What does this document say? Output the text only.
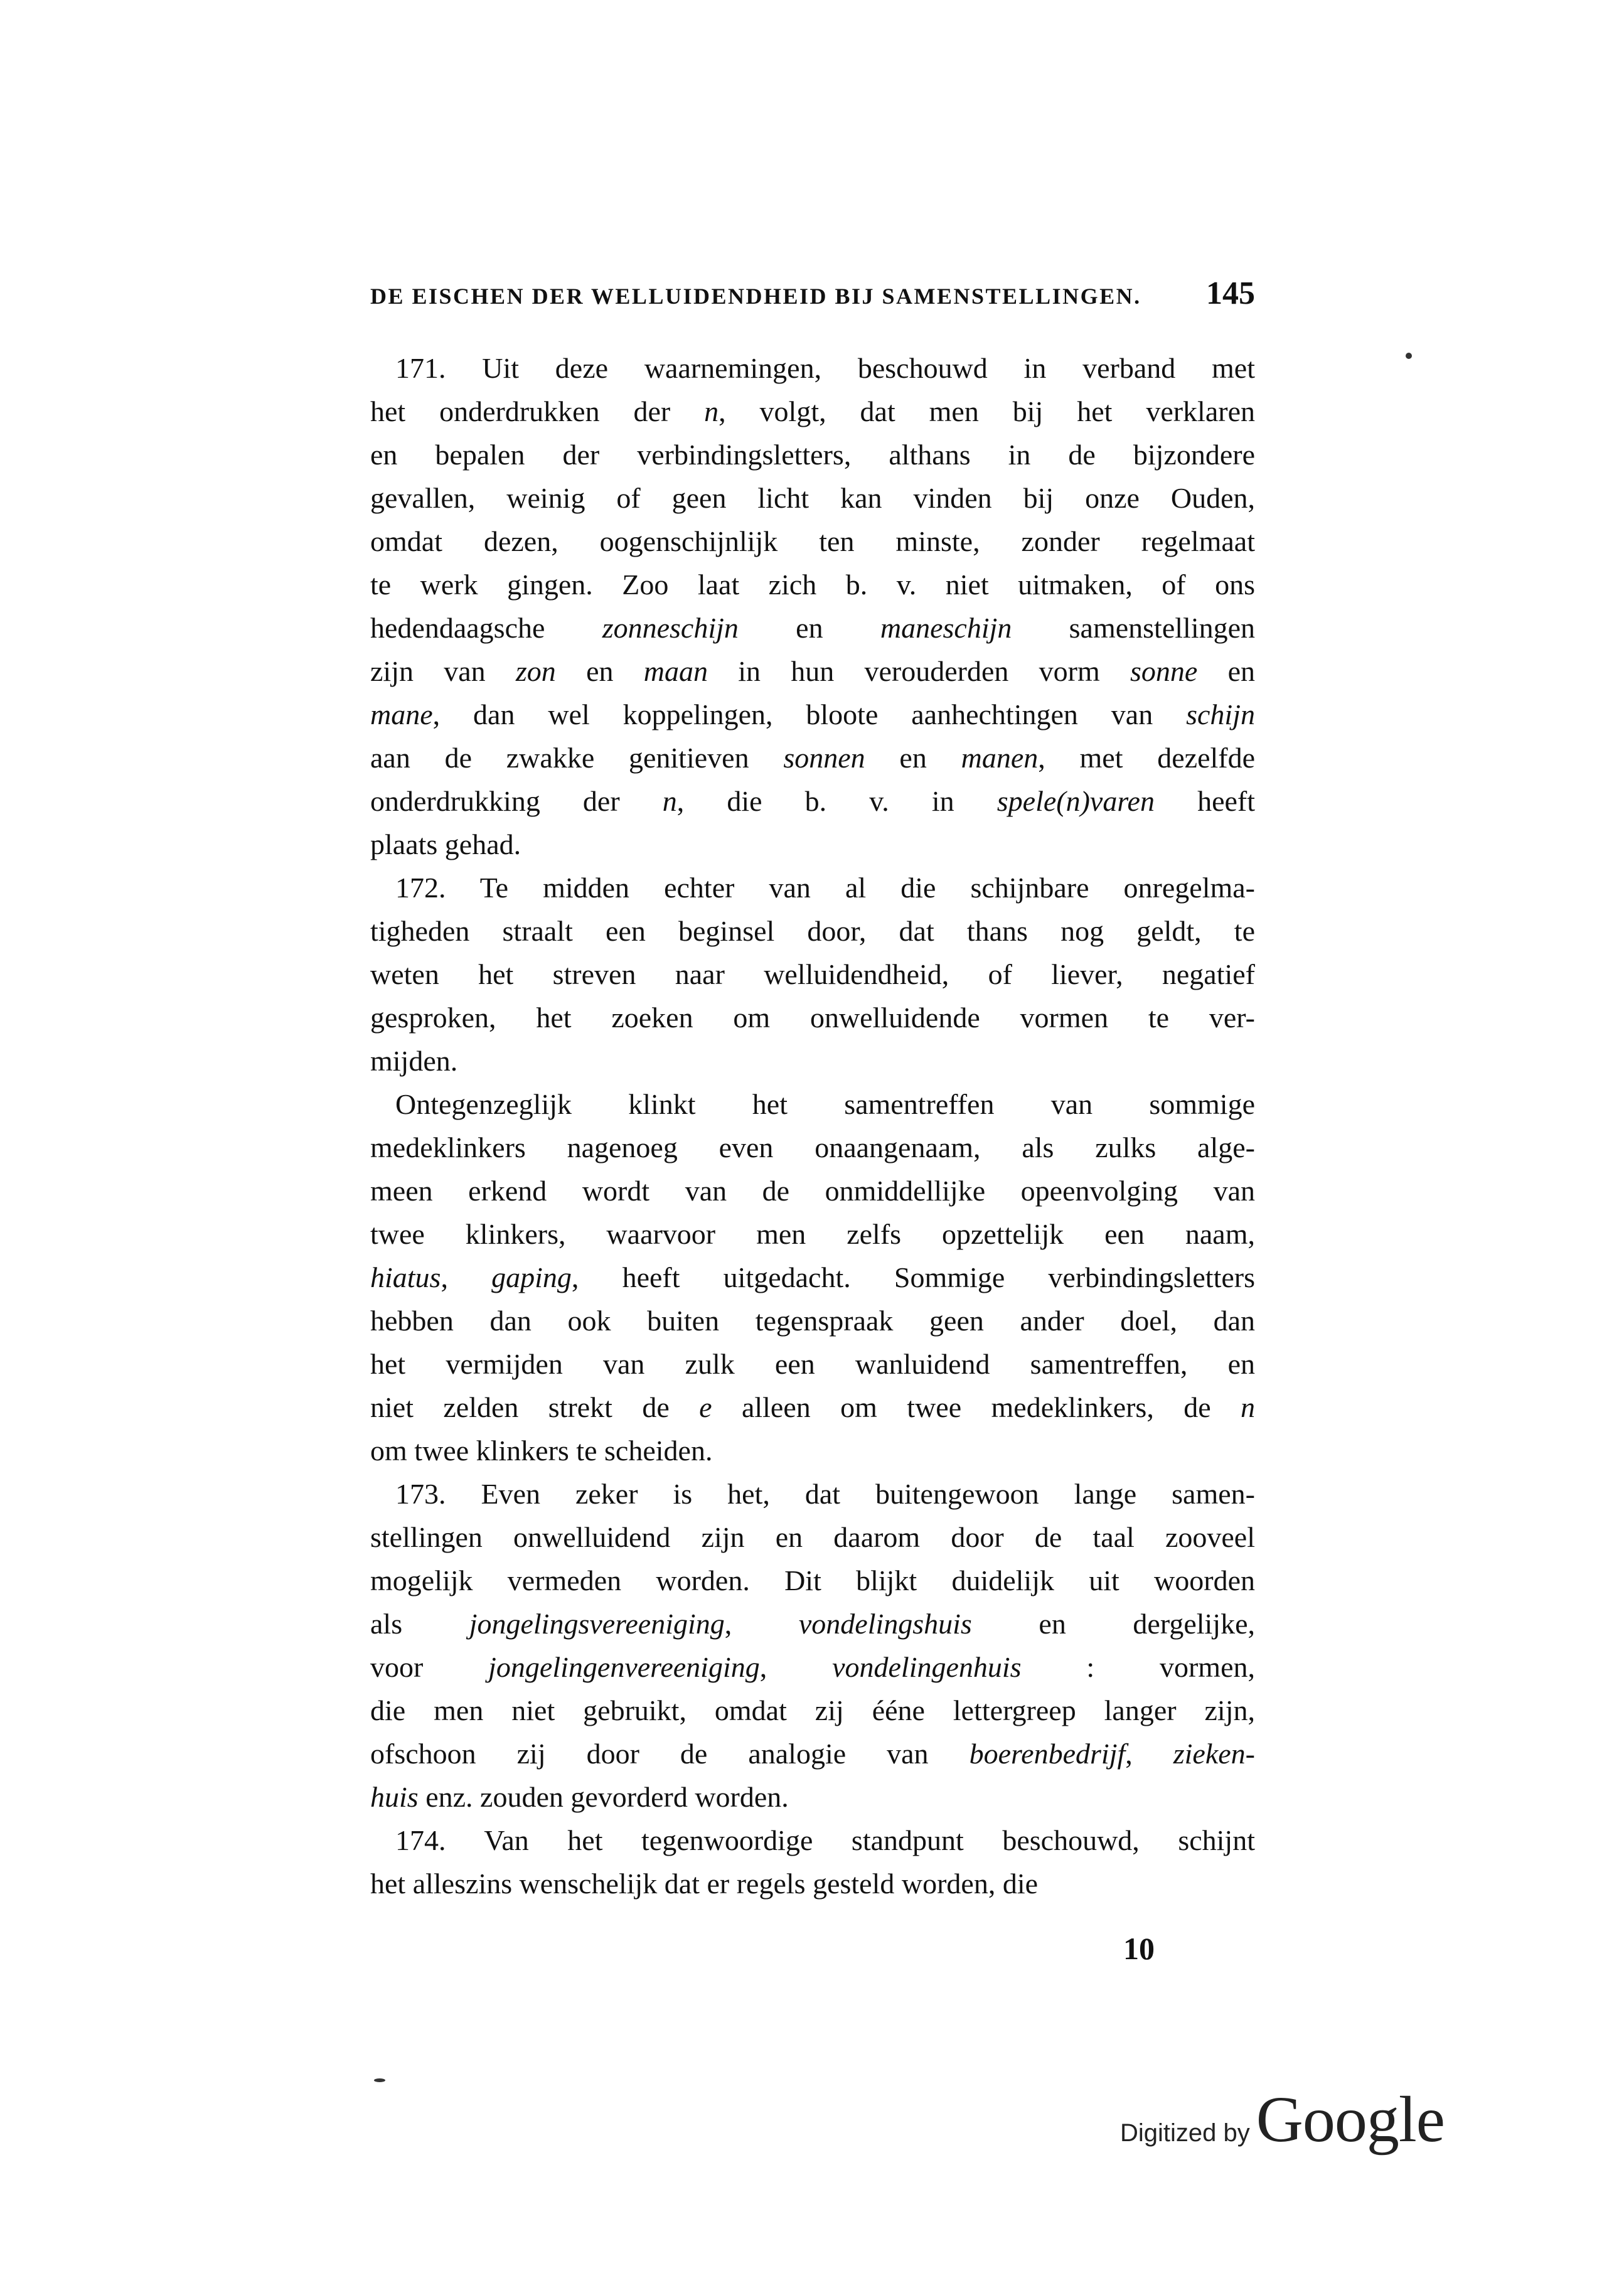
DE EISCHEN DER WELLUIDENDHEID BIJ SAMENSTELLINGEN. 145
171. Uit deze waarnemingen, beschouwd in verband met
het onderdrukken der n, volgt, dat men bij het verklaren
en bepalen der verbindingsletters, althans in de bijzondere
gevallen, weinig of geen licht kan vinden bij onze Ouden,
omdat dezen, oogenschijnlijk ten minste, zonder regelmaat
te werk gingen. Zoo laat zich b. v. niet uitmaken, of ons
hedendaagsche zonneschijn en maneschijn samenstellingen
zijn van zon en maan in hun verouderden vorm sonne en
mane, dan wel koppelingen, bloote aanhechtingen van schijn
aan de zwakke genitieven sonnen en manen, met dezelfde
onderdrukking der n, die b. v. in spele(n)varen heeft
plaats gehad.
172. Te midden echter van al die schijnbare onregelma-
tigheden straalt een beginsel door, dat thans nog geldt, te
weten het streven naar welluidendheid, of liever, negatief
gesproken, het zoeken om onwelluidende vormen te ver-
mijden.
Ontegenzeglijk klinkt het samentreffen van sommige
medeklinkers nagenoeg even onaangenaam, als zulks alge-
meen erkend wordt van de onmiddellijke opeenvolging van
twee klinkers, waarvoor men zelfs opzettelijk een naam,
hiatus, gaping, heeft uitgedacht. Sommige verbindingsletters
hebben dan ook buiten tegenspraak geen ander doel, dan
het vermijden van zulk een wanluidend samentreffen, en
niet zelden strekt de e alleen om twee medeklinkers, de n
om twee klinkers te scheiden.
173. Even zeker is het, dat buitengewoon lange samen-
stellingen onwelluidend zijn en daarom door de taal zooveel
mogelijk vermeden worden. Dit blijkt duidelijk uit woorden
als jongelingsvereeniging, vondelingshuis en dergelijke,
voor jongelingenvereeniging, vondelingenhuis : vormen,
die men niet gebruikt, omdat zij ééne lettergreep langer zijn,
ofschoon zij door de analogie van boerenbedrijf, zieken-
huis enz. zouden gevorderd worden.
174. Van het tegenwoordige standpunt beschouwd, schijnt
het alleszins wenschelijk dat er regels gesteld worden, die
10
Digitized by Google
